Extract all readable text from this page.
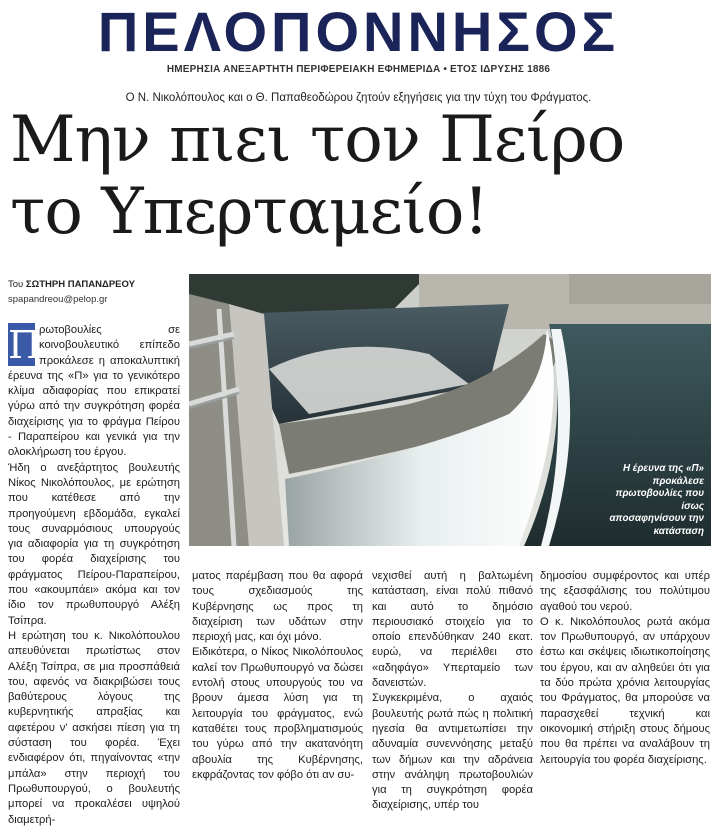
ΠΕΛΟΠΟΝΝΗΣΟΣ
ΗΜΕΡΗΣΙΑ ΑΝΕΞΑΡΤΗΤΗ ΠΕΡΙΦΕΡΕΙΑΚΗ ΕΦΗΜΕΡΙΔΑ • ΕΤΟΣ ΙΔΡΥΣΗΣ 1886
Ο Ν. Νικολόπουλος και ο Θ. Παπαθεοδώρου ζητούν εξηγήσεις για την τύχη του Φράγματος.
Μην πιει τον Πείρο
το Υπερταμείο!
Του ΣΩΤΗΡΗ ΠΑΠΑΝΔΡΕΟΥ
spapandreou@pelop.gr
Η έρευνα της «Π» προκάλεσε πρωτοβουλίες που ίσως αποσαφηνίσουν την κατάσταση

Π
ρωτοβουλίες σε κοινοβουλευτικό επίπεδο προκάλεσε η αποκαλυπτική έρευνα της «Π» για το γενικότερο κλίμα αδιαφορίας που επικρατεί γύρω από την συγκρότηση φορέα διαχείρισης για το φράγμα Πείρου - Παραπείρου και γενικά για την ολοκλήρωση του έργου.

Ήδη ο ανεξάρτητος βουλευτής Νίκος Νικολόπουλος, με ερώτηση που κατέθεσε από την προηγούμενη εβδομάδα, εγκαλεί τους συναρμόσιους υπουργούς για αδιαφορία για τη συγκρότηση του φορέα διαχείρισης του φράγματος Πείρου-Παραπείρου, που «ακουμπάει» ακόμα και τον ίδιο τον πρωθυπουργό Αλέξη Τσίπρα.

Η ερώτηση του κ. Νικολόπουλου απευθύνεται πρωτίστως στον Αλέξη Τσίπρα, σε μια προσπάθειά του, αφενός να διακριβώσει τους βαθύτερους λόγους της κυβερνητικής απραξίας και αφετέρου ν' ασκήσει πίεση για τη σύσταση του φορέα. Έχει ενδιαφέρον ότι, πηγαίνοντας «την μπάλα» στην περιοχή του Πρωθυπουργού, ο βουλευτής μπορεί να προκαλέσει υψηλού διαμετρή-

ματος παρέμβαση που θα αφορά τους σχεδιασμούς της Κυβέρνησης ως προς τη διαχείριση των υδάτων στην περιοχή μας, και όχι μόνο.

Ειδικότερα, ο Νίκος Νικολόπουλος καλεί τον Πρωθυπουργό να δώσει εντολή στους υπουργούς του να βρουν άμεσα λύση για τη λειτουργία του φράγματος, ενώ καταθέτει τους προβληματισμούς του γύρω από την ακατανόητη αβουλία της Κυβέρνησης, εκφράζοντας τον φόβο ότι αν συ-

νεχισθεί αυτή η βαλτωμένη κατάσταση, είναι πολύ πιθανό και αυτό το δημόσιο περιουσιακό στοιχείο για το οποίο επενδύθηκαν 240 εκατ. ευρώ, να περιέλθει στο «αδηφάγο» Υπερταμείο των δανειστών.

Συγκεκριμένα, ο αχαιός βουλευτής ρωτά πώς η πολιτική ηγεσία θα αντιμετωπίσει την αδυναμία συνεννόησης μεταξύ των δήμων και την αδράνεια στην ανάληψη πρωτοβουλιών για τη συγκρότηση φορέα διαχείρισης, υπέρ του

δημοσίου συμφέροντος και υπέρ της εξασφάλισης του πολύτιμου αγαθού του νερού.

Ο κ. Νικολόπουλος ρωτά ακόμα τον Πρωθυπουργό, αν υπάρχουν έστω και σκέψεις ιδιωτικοποίησης του έργου, και αν αληθεύει ότι για τα δύο πρώτα χρόνια λειτουργίας του Φράγματος, θα μπορούσε να παρασχεθεί τεχνική και οικονομική στήριξη στους δήμους που θα πρέπει να αναλάβουν τη λειτουργία του φορέα διαχείρισης.
